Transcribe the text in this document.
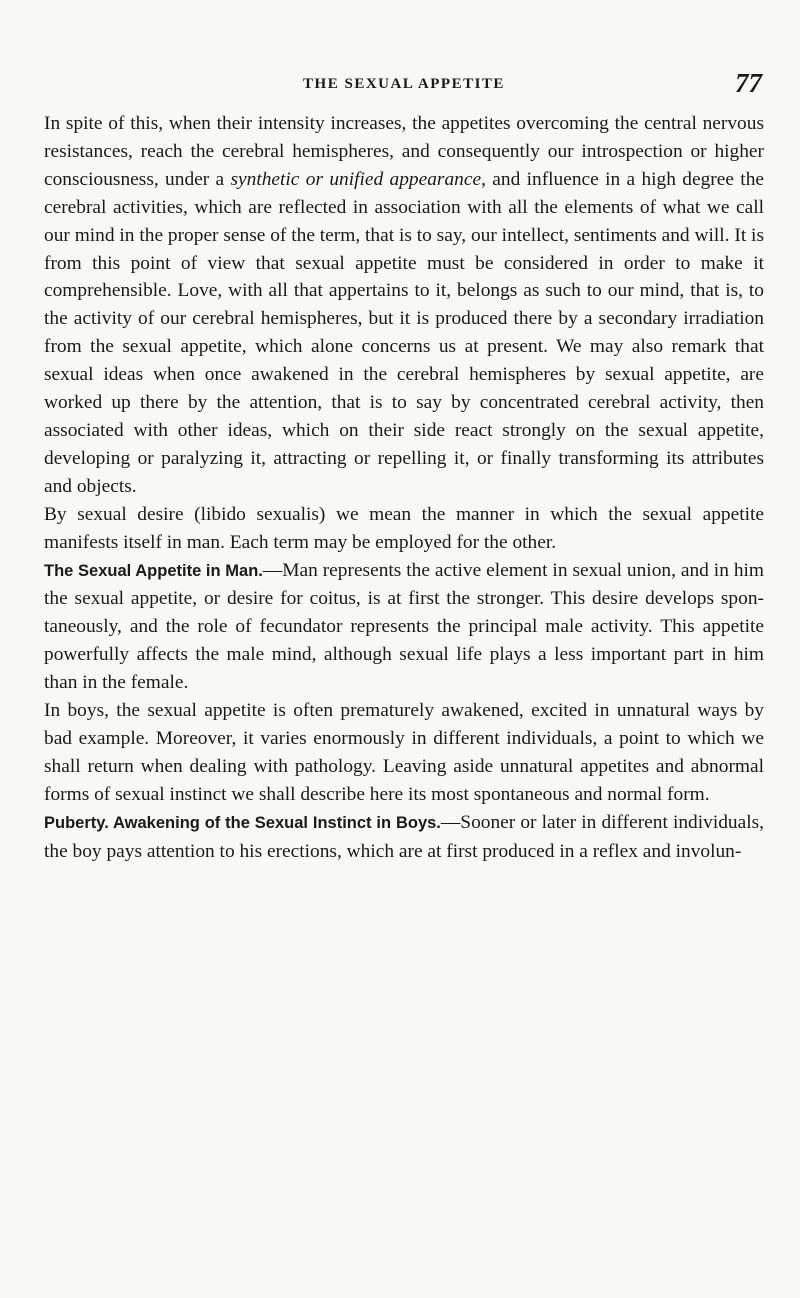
THE SEXUAL APPETITE	77

In spite of this, when their intensity increases, the appetites overcoming the central nervous resistances, reach the cerebral hemispheres, and consequently our introspection or higher consciousness, under a synthetic or unified appearance, and influence in a high degree the cerebral activities, which are reflected in association with all the elements of what we call our mind in the proper sense of the term, that is to say, our intellect, sentiments and will. It is from this point of view that sexual appetite must be considered in order to make it comprehensible. Love, with all that appertains to it, belongs as such to our mind, that is, to the activity of our cerebral hemispheres, but it is produced there by a secondary irradiation from the sexual appetite, which alone concerns us at present. We may also remark that sexual ideas when once awakened in the cerebral hemispheres by sexual appetite, are worked up there by the attention, that is to say by concentrated cerebral activity, then associated with other ideas, which on their side react strongly on the sexual appetite, developing or paralyzing it, attracting or repelling it, or finally transforming its attributes and objects.

By sexual desire (libido sexualis) we mean the manner in which the sexual appetite manifests itself in man. Each term may be employed for the other.

The Sexual Appetite in Man.—Man represents the active element in sexual union, and in him the sexual appetite, or desire for coitus, is at first the stronger. This desire develops spontaneously, and the role of fecundator represents the principal male activity. This appetite powerfully affects the male mind, although sexual life plays a less important part in him than in the female.

In boys, the sexual appetite is often prematurely awakened, excited in unnatural ways by bad example. Moreover, it varies enormously in different individuals, a point to which we shall return when dealing with pathology. Leaving aside unnatural appetites and abnormal forms of sexual instinct we shall describe here its most spontaneous and normal form.

Puberty. Awakening of the Sexual Instinct in Boys.—Sooner or later in different individuals, the boy pays attention to his erections, which are at first produced in a reflex and involun-
